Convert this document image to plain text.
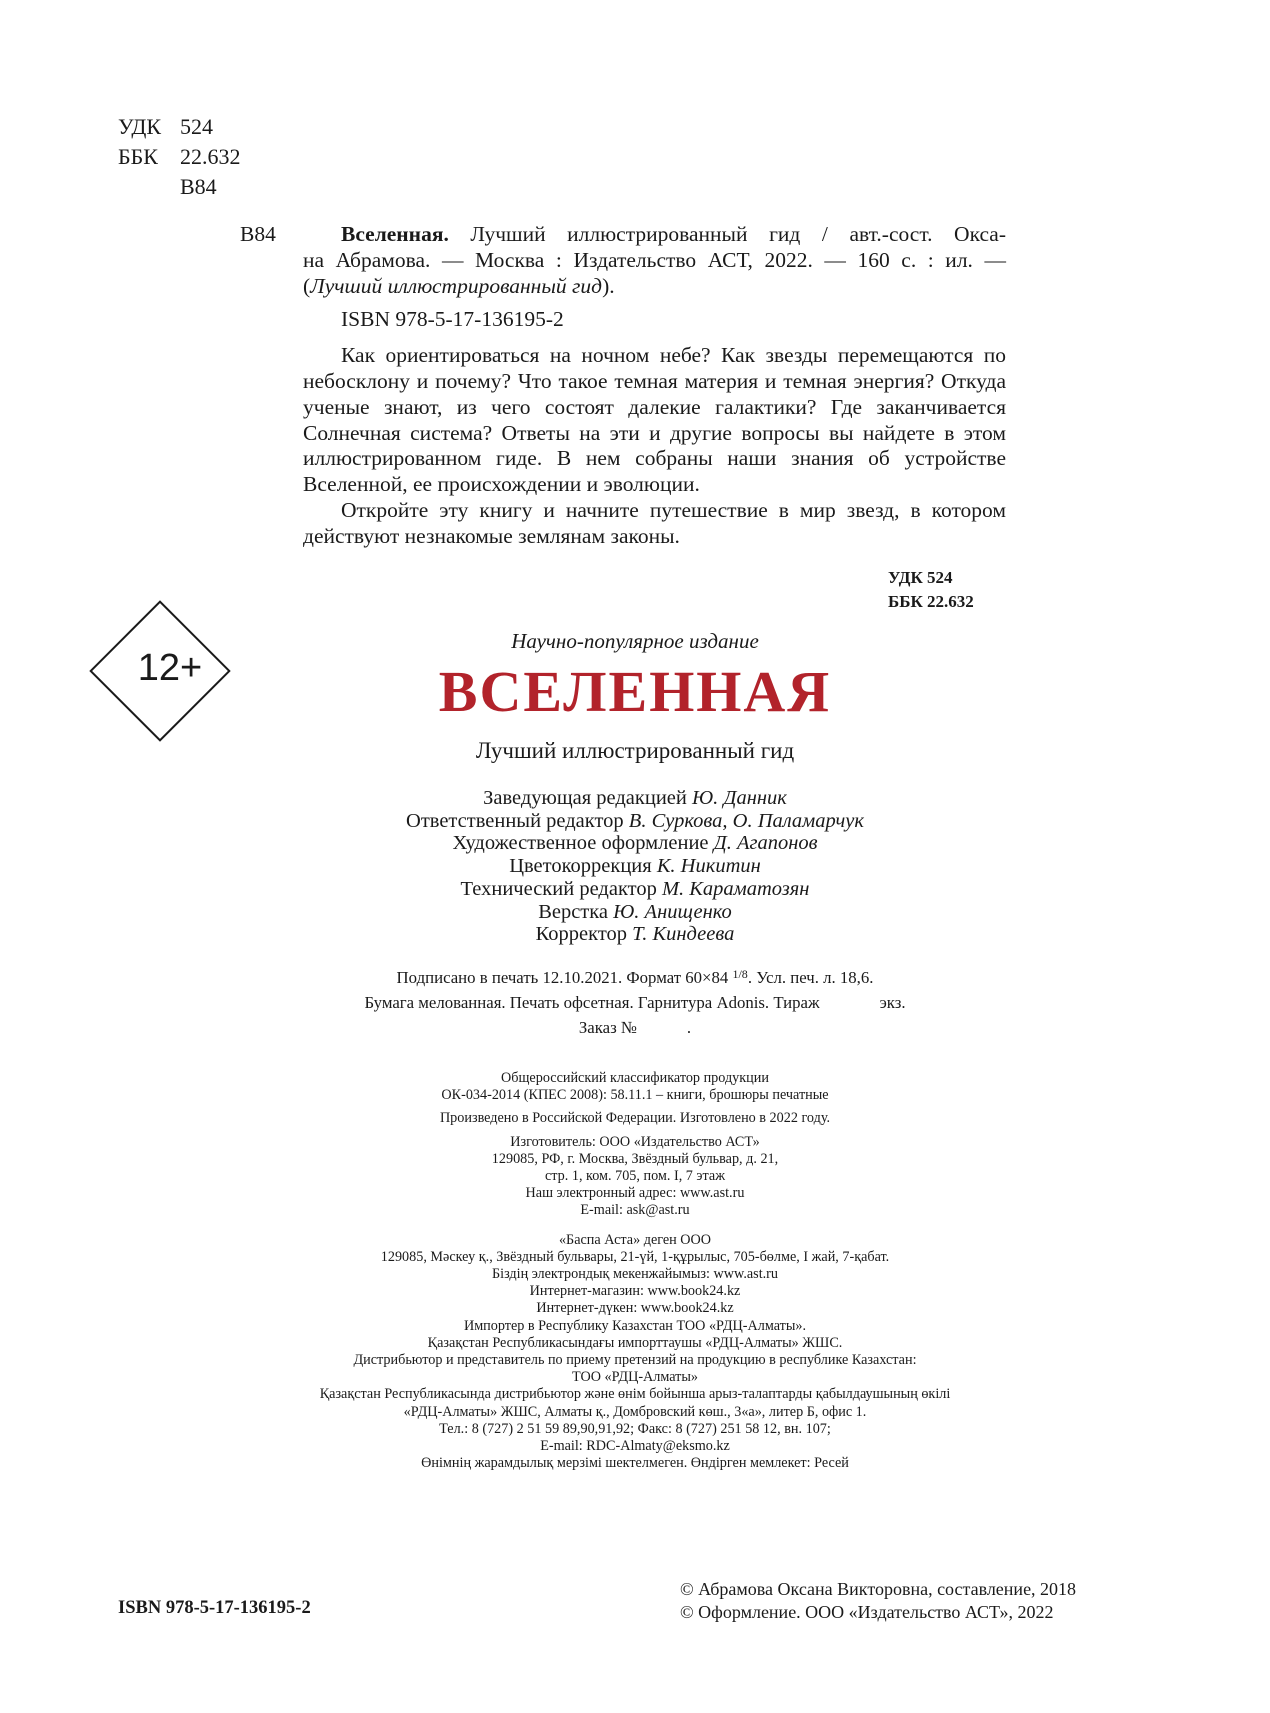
УДК 524
ББК 22.632
В84
В84	Вселенная. Лучший иллюстрированный гид / авт.-сост. Окса-

на Абрамова. — Москва : Издательство АСТ, 2022. — 160 с. : ил. —

(Лучший иллюстрированный гид).

ISBN 978-5-17-136195-2

Как ориентироваться на ночном небе? Как звезды перемещаются по небосклону и почему? Что такое темная материя и темная энергия? Откуда ученые знают, из чего состоят далекие галактики? Где заканчивается Солнечная система? Ответы на эти и другие вопросы вы найдете в этом иллюстрированном гиде. В нем собраны наши знания об устройстве Вселенной, ее происхождении и эволюции.

Откройте эту книгу и начните путешествие в мир звезд, в котором действуют незнакомые землянам законы.

УДК 524
ББК 22.632
12+
Научно-популярное издание
ВСЕЛЕННАЯ
Лучший иллюстрированный гид
Заведующая редакцией Ю. Данник
Ответственный редактор В. Суркова, О. Паламарчук
Художественное оформление Д. Агапонов
Цветокоррекция К. Никитин
Технический редактор М. Караматозян
Верстка Ю. Анищенко
Корректор Т. Киндеева
Подписано в печать 12.10.2021. Формат 60×84 $^{1/8}$. Усл. печ. л. 18,6.
Бумага мелованная. Печать офсетная. Гарнитура Adonis. Тираж	экз.
Заказ №	.
Общероссийский классификатор продукции
ОК-034-2014 (КПЕС 2008): 58.11.1 – книги, брошюры печатные
Произведено в Российской Федерации. Изготовлено в 2022 году.
Изготовитель: ООО «Издательство АСТ»
129085, РФ, г. Москва, Звёздный бульвар, д. 21,
стр. 1, ком. 705, пом. I, 7 этаж
Наш электронный адрес: www.ast.ru
E-mail: ask@ast.ru
«Баспа Аста» деген ООО
129085, Мәскеу қ., Звёздный бульвары, 21-үй, 1-құрылыс, 705-бөлме, I жай, 7-қабат.
Біздің электрондық мекенжайымыз: www.ast.ru
Интернет-магазин: www.book24.kz
Интернет-дүкен: www.book24.kz
Импортер в Республику Казахстан ТОО «РДЦ-Алматы».
Қазақстан Республикасындағы импорттаушы «РДЦ-Алматы» ЖШС.
Дистрибьютор и представитель по приему претензий на продукцию в республике Казахстан:
ТОО «РДЦ-Алматы»
Қазақстан Республикасында дистрибьютор және өнім бойынша арыз-талаптарды қабылдаушының өкілі
«РДЦ-Алматы» ЖШС, Алматы қ., Домбровский көш., 3«а», литер Б, офис 1.
Тел.: 8 (727) 2 51 59 89,90,91,92; Факс: 8 (727) 251 58 12, вн. 107;
E-mail: RDC-Almaty@eksmo.kz
Өнімнің жарамдылық мерзімі шектелмеген. Өндірген мемлекет: Ресей
ISBN 978-5-17-136195-2
© Абрамова Оксана Викторовна, составление, 2018
© Оформление. ООО «Издательство АСТ», 2022
